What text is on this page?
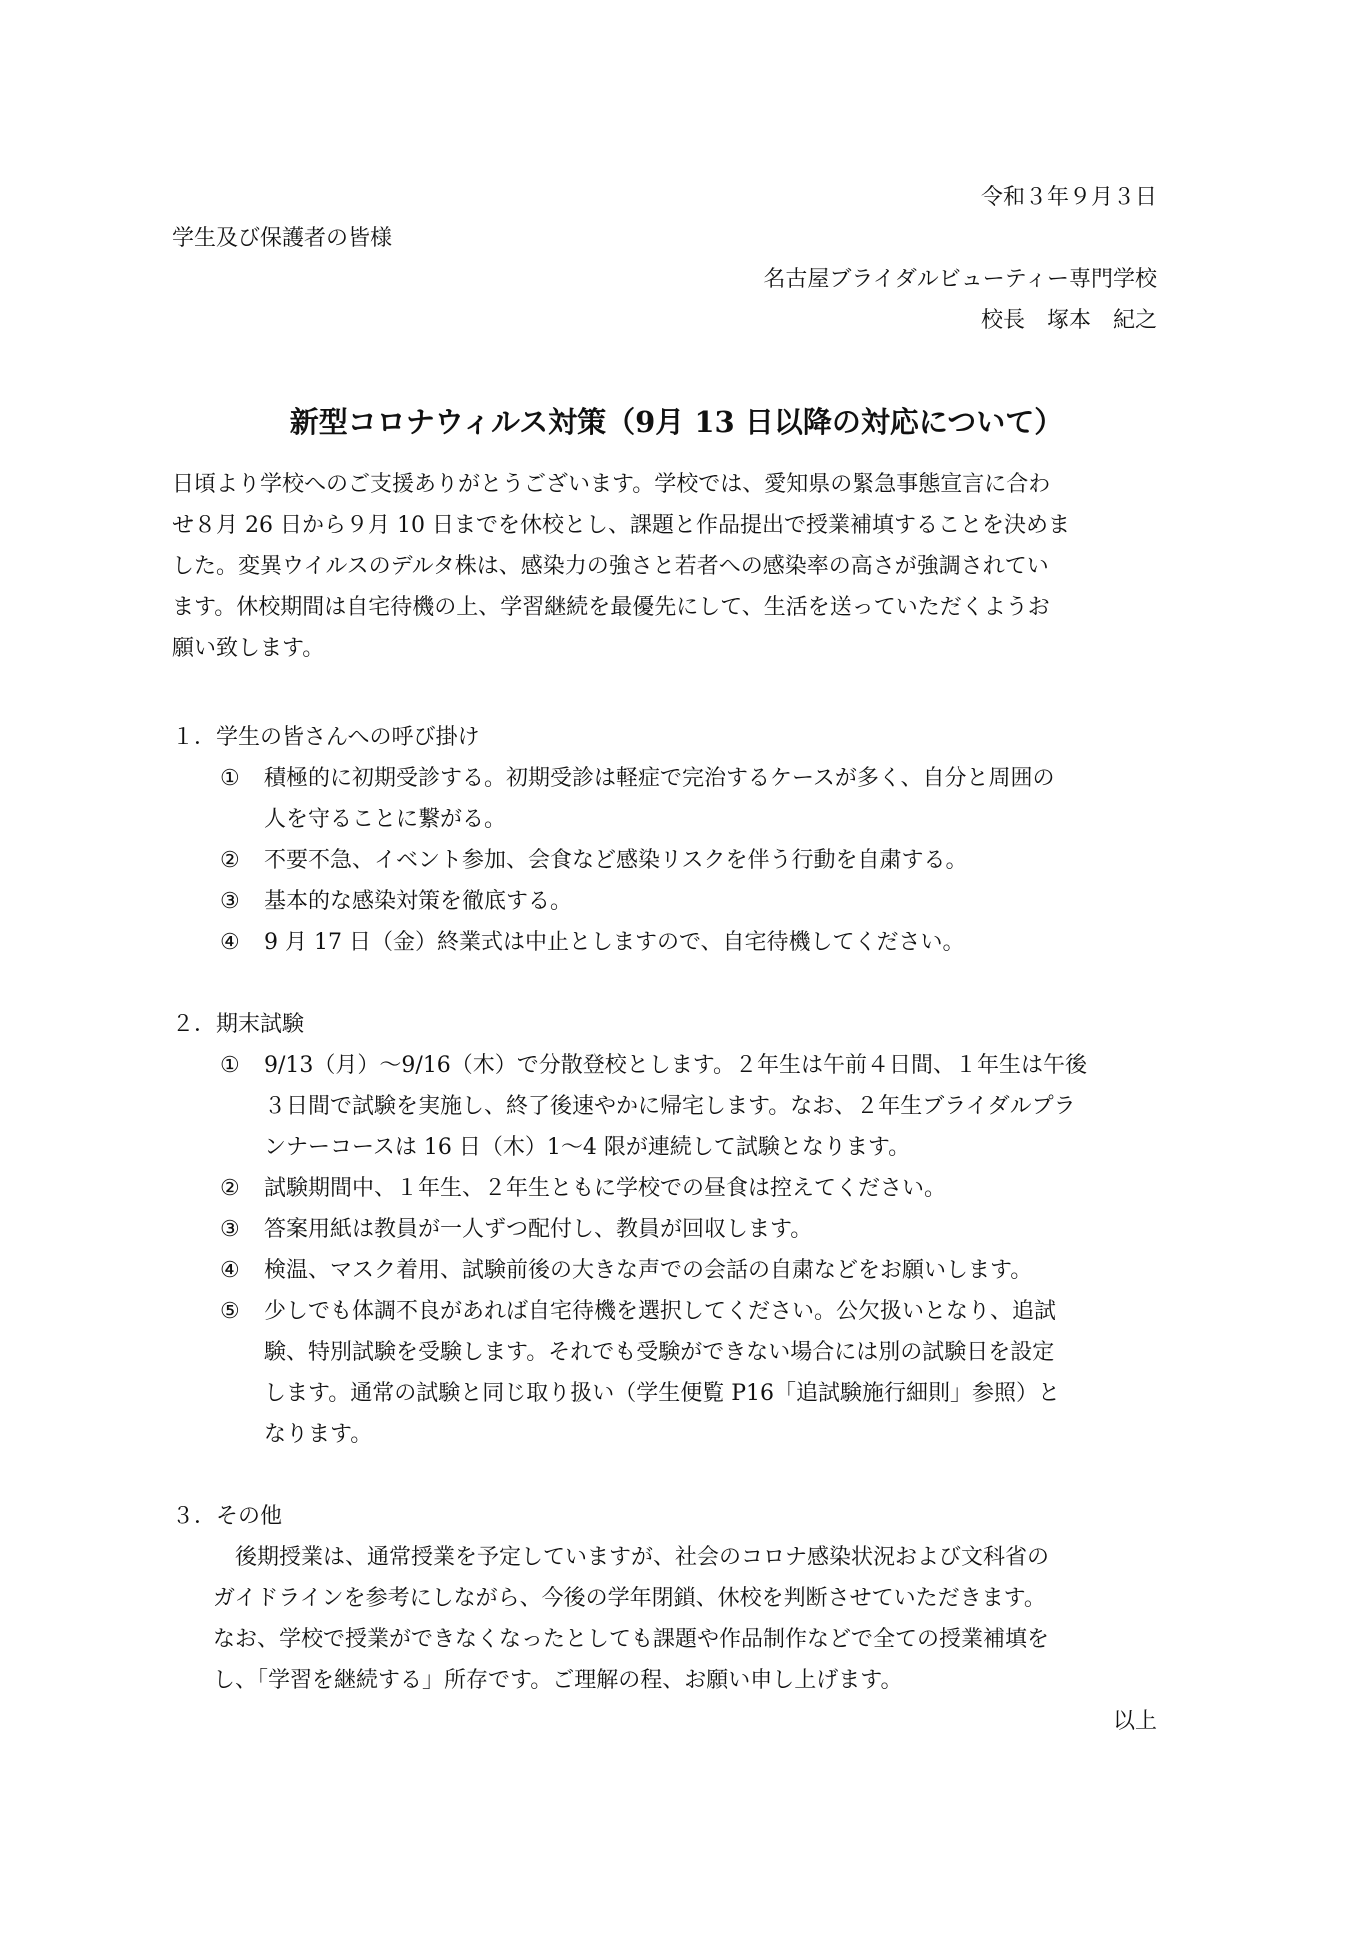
令和３年９月３日
学生及び保護者の皆様
名古屋ブライダルビューティー専門学校
校長　塚本　紀之
新型コロナウィルス対策（9月 13 日以降の対応について）
日頃より学校へのご支援ありがとうございます。学校では、愛知県の緊急事態宣言に合わ
せ８月 26 日から９月 10 日までを休校とし、課題と作品提出で授業補填することを決めま
した。変異ウイルスのデルタ株は、感染力の強さと若者への感染率の高さが強調されてい
ます。休校期間は自宅待機の上、学習継続を最優先にして、生活を送っていただくようお
願い致します。
１．学生の皆さんへの呼び掛け
① 積極的に初期受診する。初期受診は軽症で完治するケースが多く、自分と周囲の
人を守ることに繋がる。
② 不要不急、イベント参加、会食など感染リスクを伴う行動を自粛する。
③ 基本的な感染対策を徹底する。
④ 9 月 17 日（金）終業式は中止としますので、自宅待機してください。
２．期末試験
① 9/13（月）～9/16（木）で分散登校とします。２年生は午前４日間、１年生は午後
３日間で試験を実施し、終了後速やかに帰宅します。なお、２年生ブライダルプラ
ンナーコースは 16 日（木）1～4 限が連続して試験となります。
② 試験期間中、１年生、２年生ともに学校での昼食は控えてください。
③ 答案用紙は教員が一人ずつ配付し、教員が回収します。
④ 検温、マスク着用、試験前後の大きな声での会話の自粛などをお願いします。
⑤ 少しでも体調不良があれば自宅待機を選択してください。公欠扱いとなり、追試
験、特別試験を受験します。それでも受験ができない場合には別の試験日を設定
します。通常の試験と同じ取り扱い（学生便覧 P16「追試験施行細則」参照）と
なります。
３．その他
　後期授業は、通常授業を予定していますが、社会のコロナ感染状況および文科省の
ガイドラインを参考にしながら、今後の学年閉鎖、休校を判断させていただきます。
なお、学校で授業ができなくなったとしても課題や作品制作などで全ての授業補填を
し、「学習を継続する」所存です。ご理解の程、お願い申し上げます。
以上
